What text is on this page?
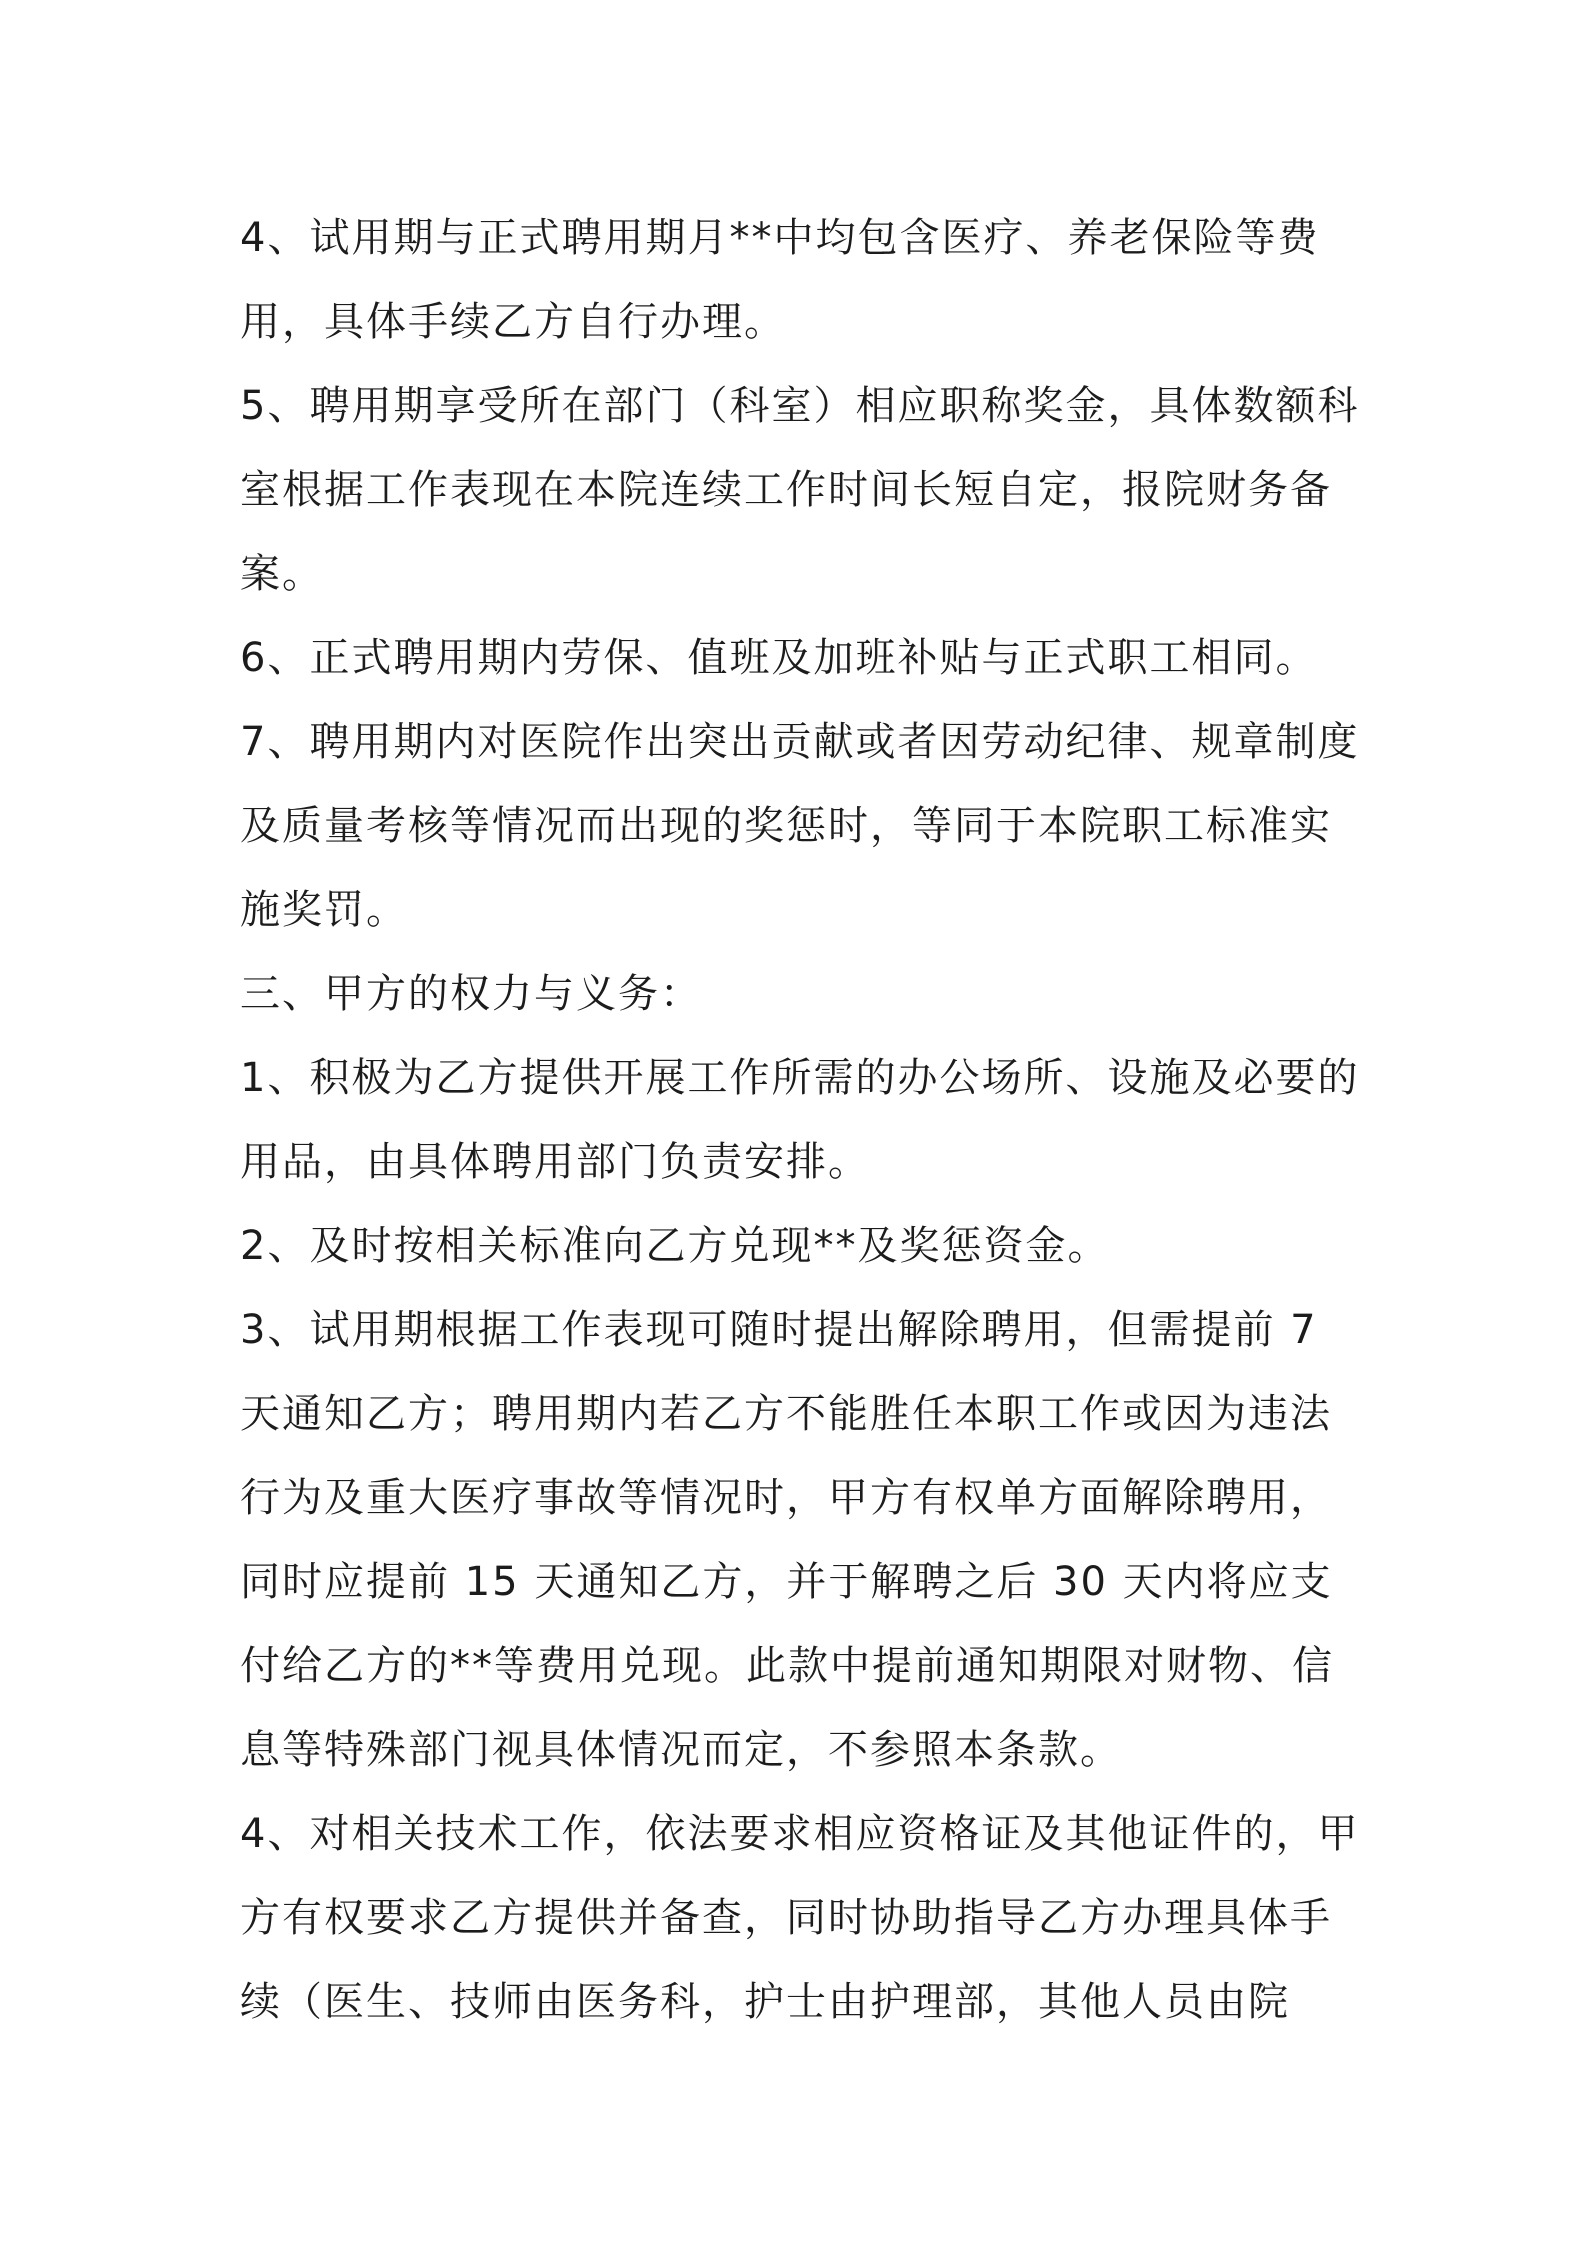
4、试用期与正式聘用期月**中均包含医疗、养老保险等费用，具体手续乙方自行办理。

5、聘用期享受所在部门（科室）相应职称奖金，具体数额科室根据工作表现在本院连续工作时间长短自定，报院财务备案。

6、正式聘用期内劳保、值班及加班补贴与正式职工相同。

7、聘用期内对医院作出突出贡献或者因劳动纪律、规章制度及质量考核等情况而出现的奖惩时，等同于本院职工标准实施奖罚。

三、甲方的权力与义务：

1、积极为乙方提供开展工作所需的办公场所、设施及必要的用品，由具体聘用部门负责安排。

2、及时按相关标准向乙方兑现**及奖惩资金。

3、试用期根据工作表现可随时提出解除聘用，但需提前 7 天通知乙方；聘用期内若乙方不能胜任本职工作或因为违法行为及重大医疗事故等情况时，甲方有权单方面解除聘用，同时应提前 15 天通知乙方，并于解聘之后 30 天内将应支付给乙方的**等费用兑现。此款中提前通知期限对财物、信息等特殊部门视具体情况而定，不参照本条款。

4、对相关技术工作，依法要求相应资格证及其他证件的，甲方有权要求乙方提供并备查，同时协助指导乙方办理具体手续（医生、技师由医务科，护士由护理部，其他人员由院
